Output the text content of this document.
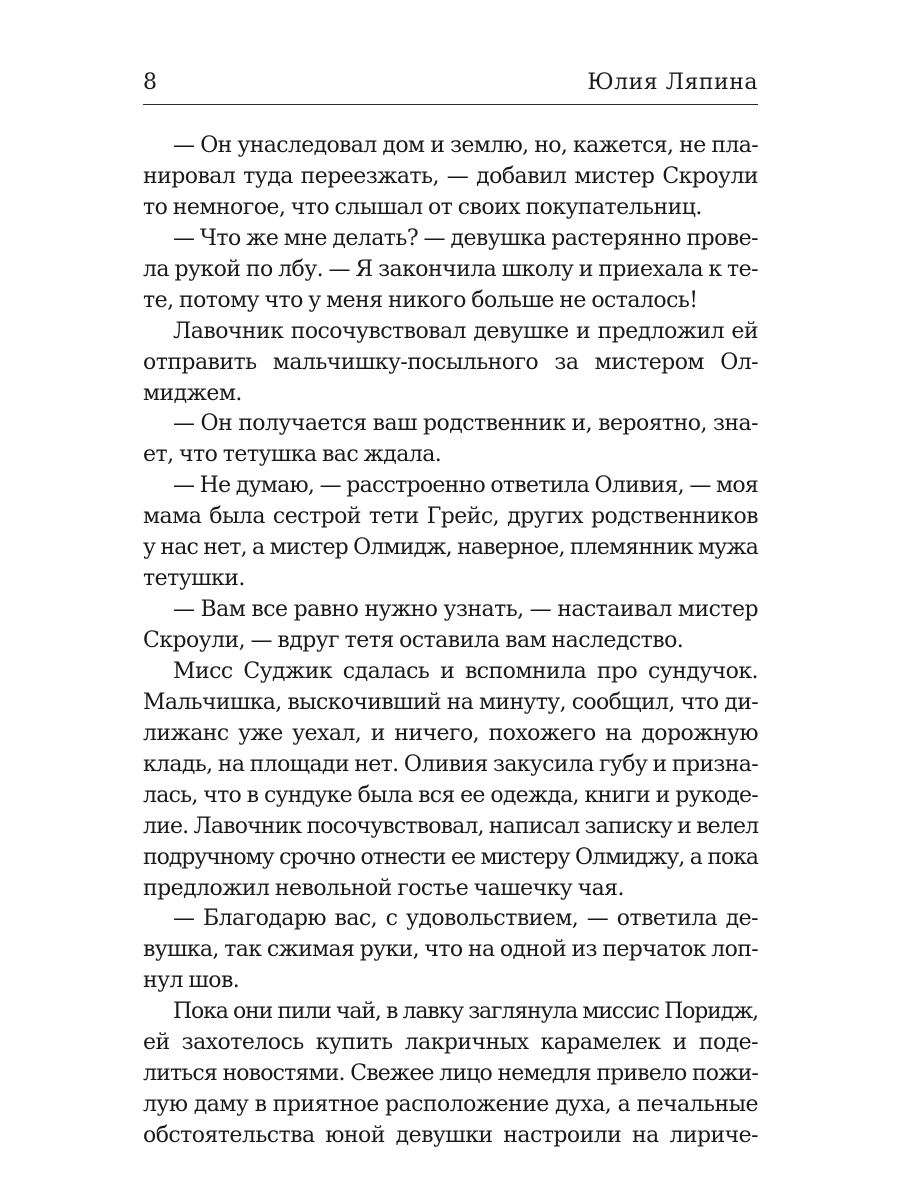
8	Юлия Ляпина
— Он унаследовал дом и землю, но, кажется, не пла-
нировал туда переезжать, — добавил мистер Скроули
то немногое, что слышал от своих покупательниц.
— Что же мне делать? — девушка растерянно прове-
ла рукой по лбу. — Я закончила школу и приехала к те-
те, потому что у меня никого больше не осталось!
Лавочник посочувствовал девушке и предложил ей
отправить мальчишку-посыльного за мистером Ол-
миджем.
— Он получается ваш родственник и, вероятно, зна-
ет, что тетушка вас ждала.
— Не думаю, — расстроенно ответила Оливия, — моя
мама была сестрой тети Грейс, других родственников
у нас нет, а мистер Олмидж, наверное, племянник мужа
тетушки.
— Вам все равно нужно узнать, — настаивал мистер
Скроули, — вдруг тетя оставила вам наследство.
Мисс Суджик сдалась и вспомнила про сундучок.
Мальчишка, выскочивший на минуту, сообщил, что ди-
лижанс уже уехал, и ничего, похожего на дорожную
кладь, на площади нет. Оливия закусила губу и призна-
лась, что в сундуке была вся ее одежда, книги и рукоде-
лие. Лавочник посочувствовал, написал записку и велел
подручному срочно отнести ее мистеру Олмиджу, а пока
предложил невольной гостье чашечку чая.
— Благодарю вас, с удовольствием, — ответила де-
вушка, так сжимая руки, что на одной из перчаток лоп-
нул шов.
Пока они пили чай, в лавку заглянула миссис Поридж,
ей захотелось купить лакричных карамелек и поде-
литься новостями. Свежее лицо немедля привело пожи-
лую даму в приятное расположение духа, а печальные
обстоятельства юной девушки настроили на лириче-
